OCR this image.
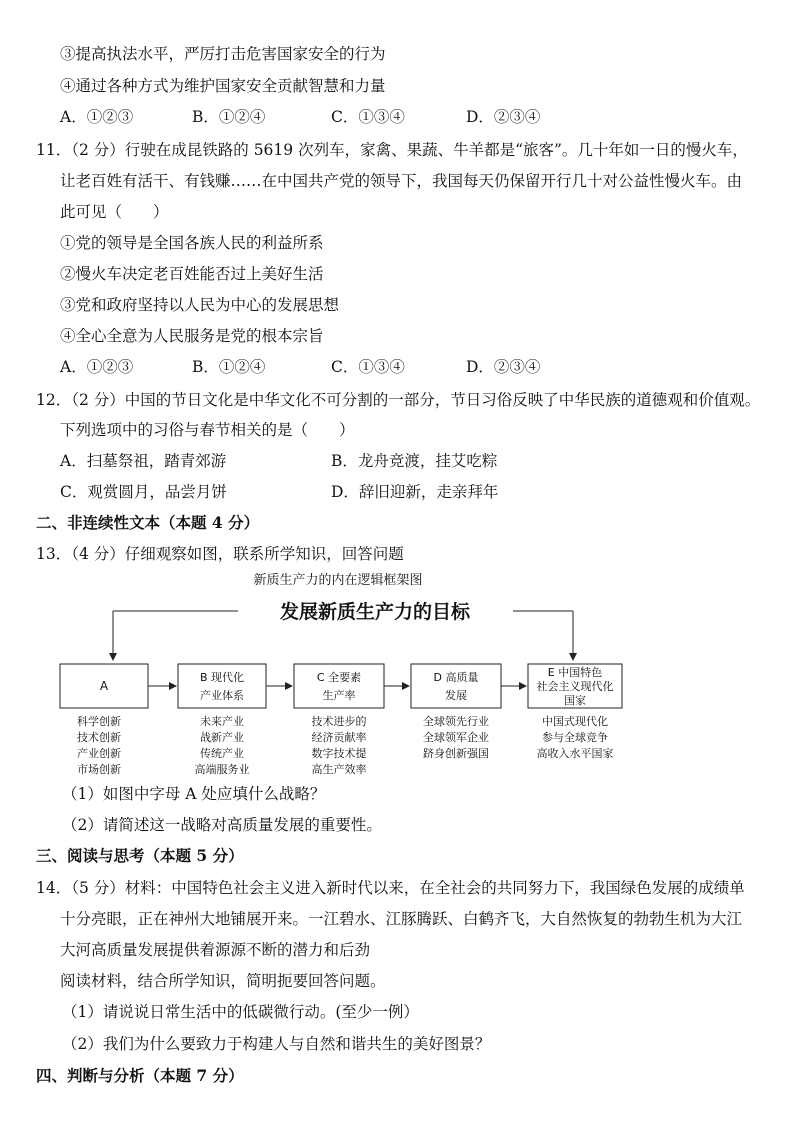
③提高执法水平，严厉打击危害国家安全的行为
④通过各种方式为维护国家安全贡献智慧和力量
A．①②③	B．①②④	C．①③④	D．②③④
11．（2 分）行驶在成昆铁路的 5619 次列车，家禽、果蔬、牛羊都是“旅客”。几十年如一日的慢火车，
让老百姓有活干、有钱赚……在中国共产党的领导下，我国每天仍保留开行几十对公益性慢火车。由
此可见（　　）
①党的领导是全国各族人民的利益所系
②慢火车决定老百姓能否过上美好生活
③党和政府坚持以人民为中心的发展思想
④全心全意为人民服务是党的根本宗旨
A．①②③	B．①②④	C．①③④	D．②③④
12．（2 分）中国的节日文化是中华文化不可分割的一部分，节日习俗反映了中华民族的道德观和价值观。
下列选项中的习俗与春节相关的是（　　）
A．扫墓祭祖，踏青郊游	B．龙舟竞渡，挂艾吃粽
C．观赏圆月，品尝月饼	D．辞旧迎新，走亲拜年
二、非连续性文本（本题 4 分）
13．（4 分）仔细观察如图，联系所学知识，回答问题
新质生产力的内在逻辑框架图
发展新质生产力的目标
A
B 现代化
产业体系
C 全要素
生产率
D 高质量
发展
E 中国特色
社会主义现代化
国家
科学创新
技术创新
产业创新
市场创新
未来产业
战新产业
传统产业
高端服务业
技术进步的
经济贡献率
数字技术提
高生产效率
全球领先行业
全球领军企业
跻身创新强国
中国式现代化
参与全球竞争
高收入水平国家
（1）如图中字母 A 处应填什么战略？
（2）请简述这一战略对高质量发展的重要性。
三、阅读与思考（本题 5 分）
14．（5 分）材料：中国特色社会主义进入新时代以来，在全社会的共同努力下，我国绿色发展的成绩单
十分亮眼，正在神州大地铺展开来。一江碧水、江豚腾跃、白鹤齐飞，大自然恢复的勃勃生机为大江
大河高质量发展提供着源源不断的潜力和后劲
阅读材料，结合所学知识，简明扼要回答问题。
（1）请说说日常生活中的低碳微行动。(至少一例）
（2）我们为什么要致力于构建人与自然和谐共生的美好图景？
四、判断与分析（本题 7 分）
